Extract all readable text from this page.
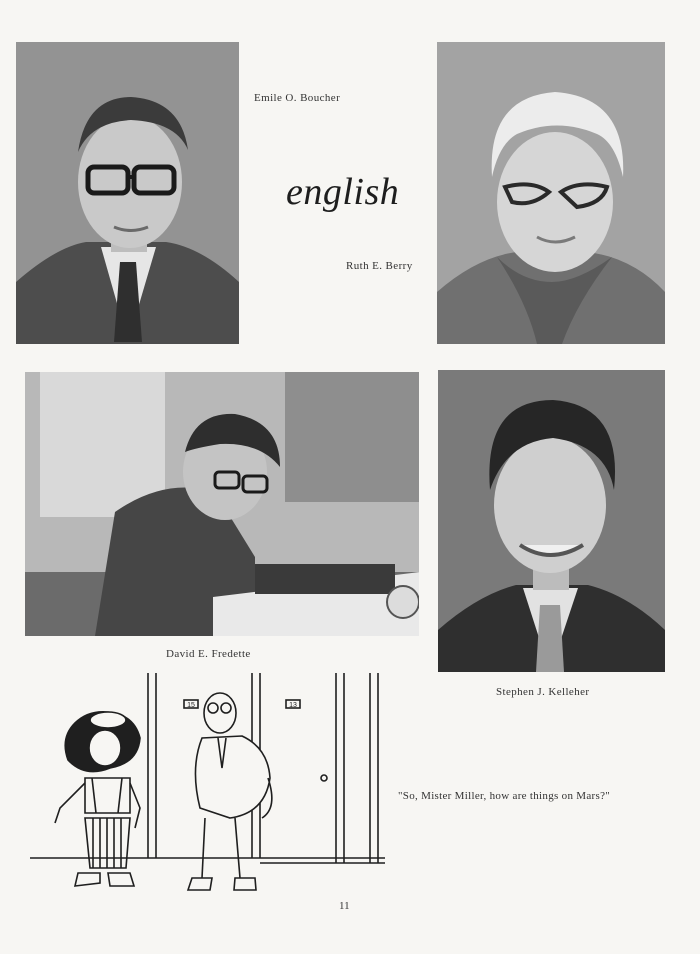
Emile O. Boucher
english
Ruth E. Berry
David E. Fredette
Stephen J. Kelleher
15	13
"So, Mister Miller, how are things on Mars?"
11
